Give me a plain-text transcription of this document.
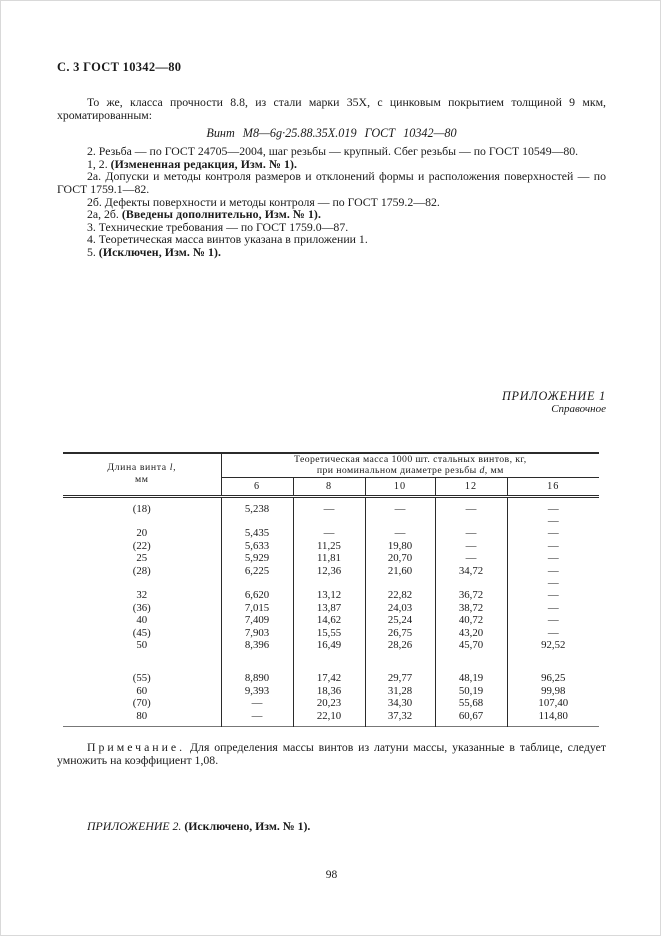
С. 3 ГОСТ 10342—80

То же, класса прочности 8.8, из стали марки 35Х, с цинковым покрытием толщиной 9 мкм, хроматированным:

Винт М8—6g·25.88.35Х.019 ГОСТ 10342—80

2. Резьба — по ГОСТ 24705—2004, шаг резьбы — крупный. Сбег резьбы — по ГОСТ 10549—80.

1, 2. (Измененная редакция, Изм. № 1).

2а. Допуски и методы контроля размеров и отклонений формы и расположения поверхностей — по ГОСТ 1759.1—82.

2б. Дефекты поверхности и методы контроля — по ГОСТ 1759.2—82.

2а, 2б. (Введены дополнительно, Изм. № 1).

3. Технические требования — по ГОСТ 1759.0—87.

4. Теоретическая масса винтов указана в приложении 1.

5. (Исключен, Изм. № 1).

ПРИЛОЖЕНИЕ 1
Справочное
Длина винта l,
мм	Теоретическая масса 1000 шт. стальных винтов, кг,
при номинальном диаметре резьбы d, мм				
	6	8	10	12	16
(18)	5,238	—	—	—	—
					—
20	5,435	—	—	—	—
(22)	5,633	11,25	19,80	—	—
25	5,929	11,81	20,70	—	—
(28)	6,225	12,36	21,60	34,72	—
					—
32	6,620	13,12	22,82	36,72	—
(36)	7,015	13,87	24,03	38,72	—
40	7,409	14,62	25,24	40,72	—
(45)	7,903	15,55	26,75	43,20	—
50	8,396	16,49	28,26	45,70	92,52

(55)	8,890	17,42	29,77	48,19	96,25
60	9,393	18,36	31,28	50,19	99,98
(70)	—	20,23	34,30	55,68	107,40
80	—	22,10	37,32	60,67	114,80

Примечание. Для определения массы винтов из латуни массы, указанные в таблице, следует умножить на коэффициент 1,08.

ПРИЛОЖЕНИЕ 2. (Исключено, Изм. № 1).

98
